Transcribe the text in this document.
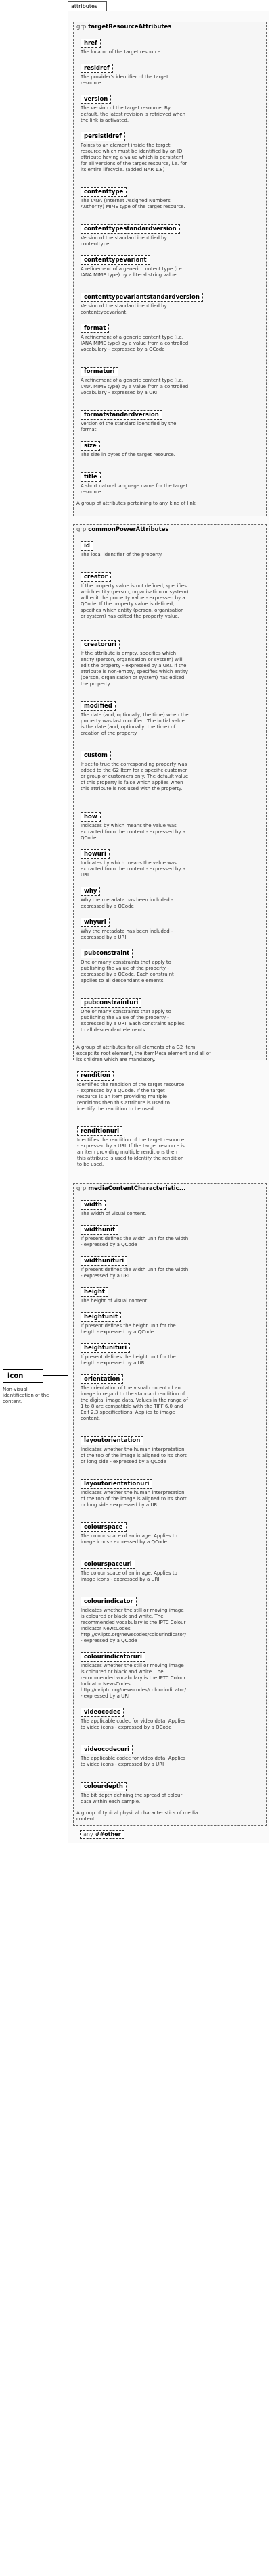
icon
Non-visual identification of the content.
attributes
grp targetResourceAttributes
href
The locator of the target resource.
residref
The provider's identifier of the target resource.
version
The version of the target resource. By default, the latest revision is retrieved when the link is activated.
persistidref
Points to an element inside the target resource which must be identified by an ID attribute having a value which is persistent for all versions of the target resource, i.e. for its entire lifecycle. (added NAR 1.8)
contenttype
The IANA (Internet Assigned Numbers Authority) MIME type of the target resource.
contenttypestandardversion
Version of the standard identified by contenttype.
contenttypevariant
A refinement of a generic content type (i.e. IANA MIME type) by a literal string value.
contenttypevariantstandardversion
Version of the standard identified by contenttypevariant.
format
A refinement of a generic content type (i.e. IANA MIME type) by a value from a controlled vocabulary - expressed by a QCode
formaturi
A refinement of a generic content type (i.e. IANA MIME type) by a value from a controlled vocabulary - expressed by a URI
formatstandardversion
Version of the standard identified by the format.
size
The size in bytes of the target resource.
title
A short natural language name for the target resource.
A group of attributes pertaining to any kind of link
grp commonPowerAttributes
id
The local identifier of the property.
creator
If the property value is not defined, specifies which entity (person, organisation or system) will edit the property value - expressed by a QCode. If the property value is defined, specifies which entity (person, organisation or system) has edited the property value.
creatoruri
If the attribute is empty, specifies which entity (person, organisation or system) will edit the property - expressed by a URI. If the attribute is non-empty, specifies which entity (person, organisation or system) has edited the property.
modified
The date (and, optionally, the time) when the property was last modified. The initial value is the date (and, optionally, the time) of creation of the property.
custom
If set to true the corresponding property was added to the G2 Item for a specific customer or group of customers only. The default value of this property is false which applies when this attribute is not used with the property.
how
Indicates by which means the value was extracted from the content - expressed by a QCode
howuri
Indicates by which means the value was extracted from the content - expressed by a URI
why
Why the metadata has been included - expressed by a QCode
whyuri
Why the metadata has been included - expressed by a URI.
pubconstraint
One or many constraints that apply to publishing the value of the property - expressed by a QCode. Each constraint applies to all descendant elements.
pubconstrainturi
One or many constraints that apply to publishing the value of the property - expressed by a URI. Each constraint applies to all descendant elements.
A group of attributes for all elements of a G2 Item except its root element, the itemMeta element and all of its children which are mandatory.
rendition
Identifies the rendition of the target resource - expressed by a QCode. If the target resource is an item providing multiple renditions then this attribute is used to identify the rendition to be used.
renditionuri
Identifies the rendition of the target resource - expressed by a URI. If the target resource is an item providing multiple renditions then this attribute is used to identify the rendition to be used.
grp mediaContentCharacteristic...
width
The width of visual content.
widthunit
If present defines the width unit for the width - expressed by a QCode
widthunituri
If present defines the width unit for the width - expressed by a URI
height
The height of visual content.
heightunit
If present defines the height unit for the heigth - expressed by a QCode
heightunituri
If present defines the height unit for the heigth - expressed by a URI
orientation
The orientation of the visual content of an image in regard to the standard rendition of the digital image data. Values in the range of 1 to 8 are compatible with the TIFF 6.0 and Exif 2.3 specifications. Applies to image content.
layoutorientation
Indicates whether the human interpretation of the top of the image is aligned to its short or long side - expressed by a QCode
layoutorientationuri
Indicates whether the human interpretation of the top of the image is aligned to its short or long side - expressed by a URI
colourspace
The colour space of an image. Applies to image icons - expressed by a QCode
colourspaceuri
The colour space of an image. Applies to image icons - expressed by a URI
colourindicator
Indicates whether the still or moving image is coloured or black and white. The recommended vocabulary is the IPTC Colour Indicator NewsCodes http://cv.iptc.org/newscodes/colourindicator/ - expressed by a QCode
colourindicatoruri
Indicates whether the still or moving image is coloured or black and white. The recommended vocabulary is the IPTC Colour Indicator NewsCodes http://cv.iptc.org/newscodes/colourindicator/ - expressed by a URI
videocodec
The applicable codec for video data. Applies to video icons - expressed by a QCode
videocodecuri
The applicable codec for video data. Applies to video icons - expressed by a URI
colourdepth
The bit depth defining the spread of colour data within each sample.
A group of typical physical characteristics of media content
any ##other
